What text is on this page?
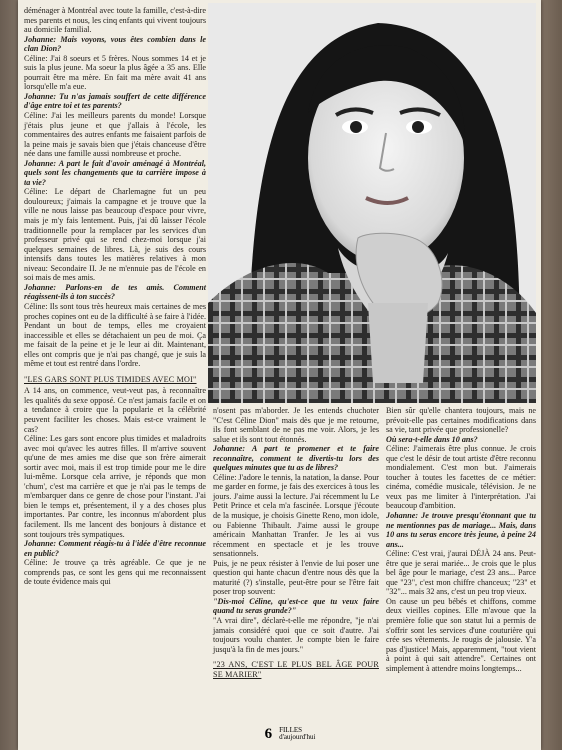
déménager à Montréal avec toute la famille, c'est-à-dire mes parents et nous, les cinq enfants qui vivent toujours au domicile familial.

Johanne: Mais voyons, vous êtes combien dans le clan Dion?

Céline: J'ai 8 soeurs et 5 frères. Nous sommes 14 et je suis la plus jeune. Ma soeur la plus âgée a 35 ans. Elle pourrait être ma mère. En fait ma mère avait 41 ans lorsqu'elle m'a eue.

Johanne: Tu n'as jamais souffert de cette différence d'âge entre toi et tes parents?

Céline: J'ai les meilleurs parents du monde! Lorsque j'étais plus jeune et que j'allais à l'école, les commentaires des autres enfants me faisaient parfois de la peine mais je savais bien que j'étais chanceuse d'être née dans une famille aussi nombreuse et proche.

Johanne: A part le fait d'avoir aménagé à Montréal, quels sont les changements que ta carrière impose à ta vie?

Céline: Le départ de Charlemagne fut un peu douloureux; j'aimais la campagne et je trouve que la ville ne nous laisse pas beaucoup d'espace pour vivre, mais je m'y fais lentement. Puis, j'ai dû laisser l'école traditionnelle pour la remplacer par les services d'un professeur privé qui se rend chez-moi lorsque j'ai quelques semaines de libres. Là, je suis des cours intensifs dans toutes les matières relatives à mon niveau: Secondaire II. Je ne m'ennuie pas de l'école en soi mais de mes amis.

Johanne: Parlons-en de tes amis. Comment réagissent-ils à ton succès?

Céline: Ils sont tous très heureux mais certaines de mes proches copines ont eu de la difficulté à se faire à l'idée. Pendant un bout de temps, elles me croyaient inaccessible et elles se détachaient un peu de moi. Ça me faisait de la peine et je le leur ai dit. Maintenant, elles ont compris que je n'ai pas changé, que je suis la même et tout est rentré dans l'ordre.

"LES GARS SONT PLUS TIMIDES AVEC MOI"

A 14 ans, on commence, veut-veut pas, à reconnaître les qualités du sexe opposé. Ce n'est jamais facile et on a tendance à croire que la popularie et la célébrité peuvent faciliter les choses. Mais est-ce vraiment le cas?

Céline: Les gars sont encore plus timides et maladroits avec moi qu'avec les autres filles. Il m'arrive souvent qu'une de mes amies me dise que son frère aimerait sortir avec moi, mais il est trop timide pour me le dire lui-même. Lorsque cela arrive, je réponds que mon 'chum', c'est ma carrière et que je n'ai pas le temps de m'embarquer dans ce genre de chose pour l'instant. J'ai bien le temps et, présentement, il y a des choses plus importantes. Par contre, les inconnus m'abordent plus facilement. Ils me lancent des bonjours à distance et sont toujours très sympatiques.

Johanne: Comment réagis-tu à l'idée d'être reconnue en public?

Céline: Je trouve ça très agréable. Ce que je ne comprends pas, ce sont les gens qui me reconnaissent de toute évidence mais qui

n'osent pas m'aborder. Je les entends chuchoter "C'est Céline Dion" mais dès que je me retourne, ils font semblant de ne pas me voir. Alors, je les salue et ils sont tout étonnés.

Johanne: A part te promener et te faire reconnaître, comment te divertis-tu lors des quelques minutes que tu as de libres?

Céline: J'adore le tennis, la natation, la danse. Pour me garder en forme, je fais des exercices à tous les jours. J'aime aussi la lecture. J'ai récemment lu Le Petit Prince et cela m'a fascinée. Lorsque j'écoute de la musique, je choisis Ginette Reno, mon idole, ou Fabienne Thibault. J'aime aussi le groupe américain Manhattan Tranfer. Je les ai vus récemment en spectacle et je les trouve sensationnels.

Puis, je ne peux résister à l'envie de lui poser une question qui hante chacun d'entre nous dès que la maturité (?) s'installe, peut-être pour se l'être fait poser trop souvent:

"Dis-moi Céline, qu'est-ce que tu veux faire quand tu seras grande?"

"A vrai dire", déclarè-t-elle me répondre, "je n'ai jamais considéré quoi que ce soit d'autre. J'ai toujours voulu chanter. Je compte bien le faire jusqu'à la fin de mes jours."

"23 ANS, C'EST LE PLUS BEL ÂGE POUR SE MARIER"

Bien sûr qu'elle chantera toujours, mais ne prévoit-elle pas certaines modifications dans sa vie, tant privée que professionelle?

Où sera-t-elle dans 10 ans?

Céline: J'aimerais être plus connue. Je crois que c'est le désir de tout artiste d'être reconnu mondialement. C'est mon but. J'aimerais toucher à toutes les facettes de ce métier: cinéma, comédie musicale, télévision. Je ne veux pas me limiter à l'interprétation. J'ai beaucoup d'ambition.

Johanne: Je trouve presqu'étonnant que tu ne mentionnes pas de mariage... Mais, dans 10 ans tu seras encore très jeune, à peine 24 ans...

Céline: C'est vrai, j'aurai DÉJÀ 24 ans. Peut-être que je serai mariée... Je crois que le plus bel âge pour le mariage, c'est 23 ans... Parce que "23", c'est mon chiffre chanceux; "23" et "32"... mais 32 ans, c'est un peu trop vieux.

On cause un peu bébés et chiffons, comme deux vieilles copines. Elle m'avoue que la première folie que son statut lui a permis de s'offrir sont les services d'une couturière qui crée ses vêtements. Je rougis de jalousie. Y'a pas d'justice! Mais, apparemment, "tout vient à point à qui sait attendre". Certaines ont simplement à attendre moins longtemps...

6 FILLES
d'aujourd'hui
